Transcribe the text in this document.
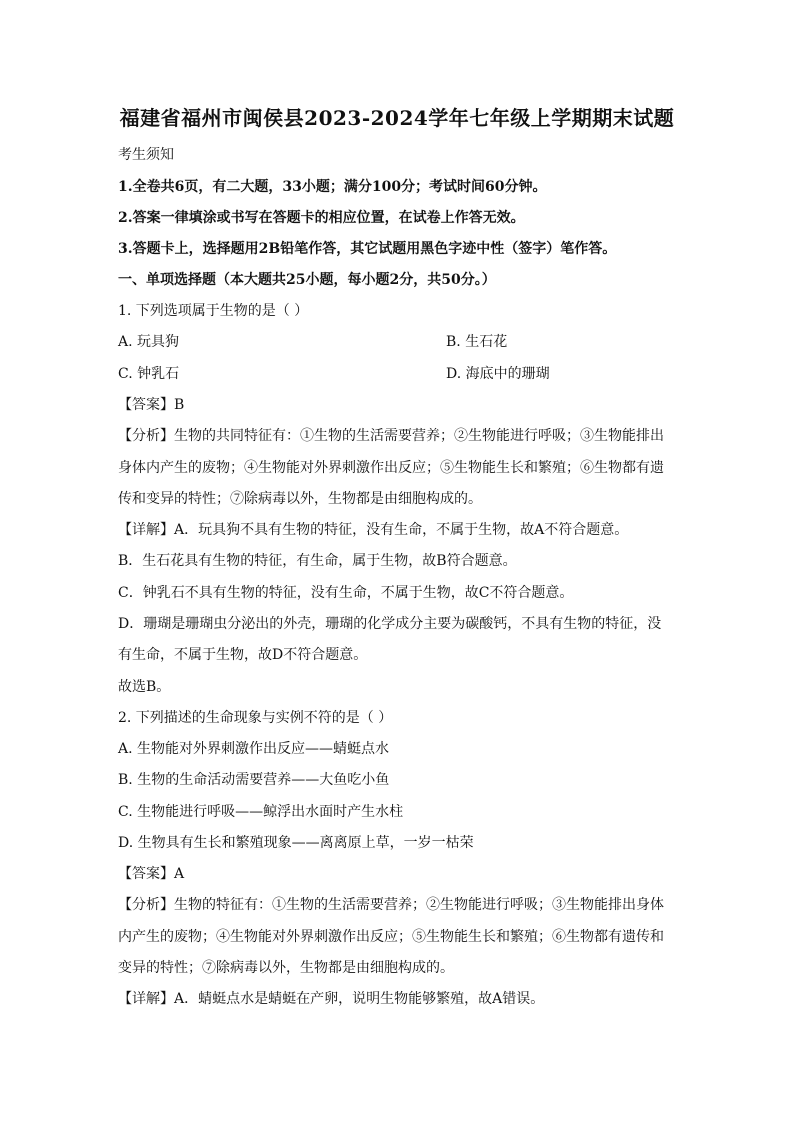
福建省福州市闽侯县2023-2024学年七年级上学期期末试题
考生须知
1.全卷共6页，有二大题，33小题；满分100分；考试时间60分钟。
2.答案一律填涂或书写在答题卡的相应位置，在试卷上作答无效。
3.答题卡上，选择题用2B铅笔作答，其它试题用黑色字迹中性（签字）笔作答。
一、单项选择题（本大题共25小题，每小题2分，共50分。）
1. 下列选项属于生物的是（ ）
A. 玩具狗	B. 生石花
C. 钟乳石	D. 海底中的珊瑚
【答案】B
【分析】生物的共同特征有：①生物的生活需要营养；②生物能进行呼吸；③生物能排出
身体内产生的废物；④生物能对外界刺激作出反应；⑤生物能生长和繁殖；⑥生物都有遗
传和变异的特性；⑦除病毒以外，生物都是由细胞构成的。
【详解】A．玩具狗不具有生物的特征，没有生命，不属于生物，故A不符合题意。
B．生石花具有生物的特征，有生命，属于生物，故B符合题意。
C．钟乳石不具有生物的特征，没有生命，不属于生物，故C不符合题意。
D．珊瑚是珊瑚虫分泌出的外壳，珊瑚的化学成分主要为碳酸钙，不具有生物的特征，没
有生命，不属于生物，故D不符合题意。
故选B。
2. 下列描述的生命现象与实例不符的是（ ）
A. 生物能对外界刺激作出反应——蜻蜓点水
B. 生物的生命活动需要营养——大鱼吃小鱼
C. 生物能进行呼吸——鲸浮出水面时产生水柱
D. 生物具有生长和繁殖现象——离离原上草，一岁一枯荣
【答案】A
【分析】生物的特征有：①生物的生活需要营养；②生物能进行呼吸；③生物能排出身体
内产生的废物；④生物能对外界刺激作出反应；⑤生物能生长和繁殖；⑥生物都有遗传和
变异的特性；⑦除病毒以外，生物都是由细胞构成的。
【详解】A．蜻蜓点水是蜻蜓在产卵，说明生物能够繁殖，故A错误。
